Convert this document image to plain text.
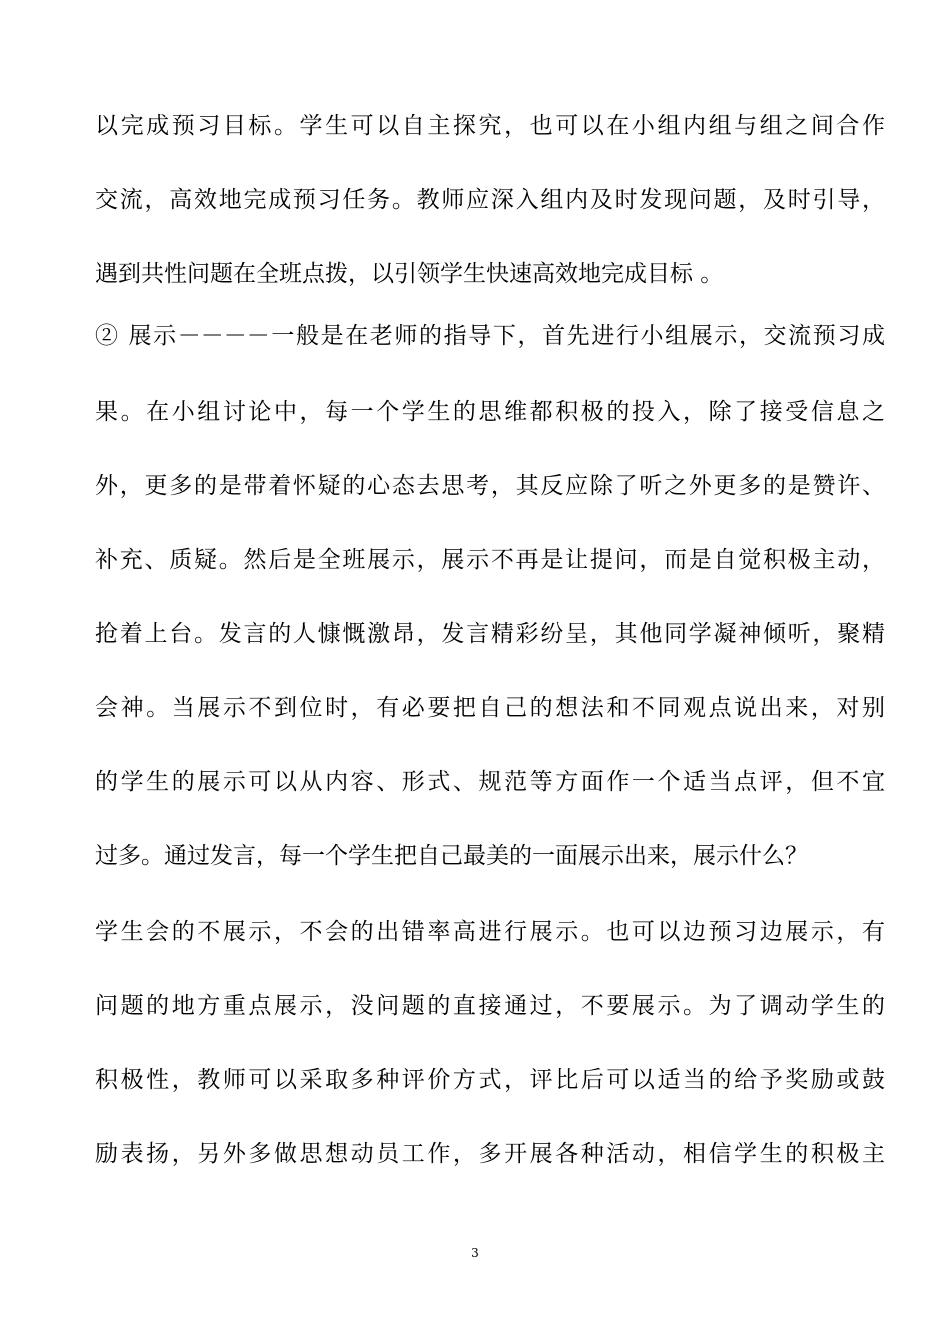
以完成预习目标。学生可以自主探究，也可以在小组内组与组之间合作
交流，高效地完成预习任务。教师应深入组内及时发现问题，及时引导，
遇到共性问题在全班点拨，以引领学生快速高效地完成目标 。
② 展示－－－－一般是在老师的指导下，首先进行小组展示，交流预习成
果。在小组讨论中，每一个学生的思维都积极的投入，除了接受信息之
外，更多的是带着怀疑的心态去思考，其反应除了听之外更多的是赞许、
补充、质疑。然后是全班展示，展示不再是让提问，而是自觉积极主动，
抢着上台。发言的人慷慨激昂，发言精彩纷呈，其他同学凝神倾听，聚精
会神。当展示不到位时，有必要把自己的想法和不同观点说出来，对别
的学生的展示可以从内容、形式、规范等方面作一个适当点评，但不宜
过多。通过发言，每一个学生把自己最美的一面展示出来，展示什么？
学生会的不展示，不会的出错率高进行展示。也可以边预习边展示，有
问题的地方重点展示，没问题的直接通过，不要展示。为了调动学生的
积极性，教师可以采取多种评价方式，评比后可以适当的给予奖励或鼓
励表扬，另外多做思想动员工作，多开展各种活动，相信学生的积极主
3
